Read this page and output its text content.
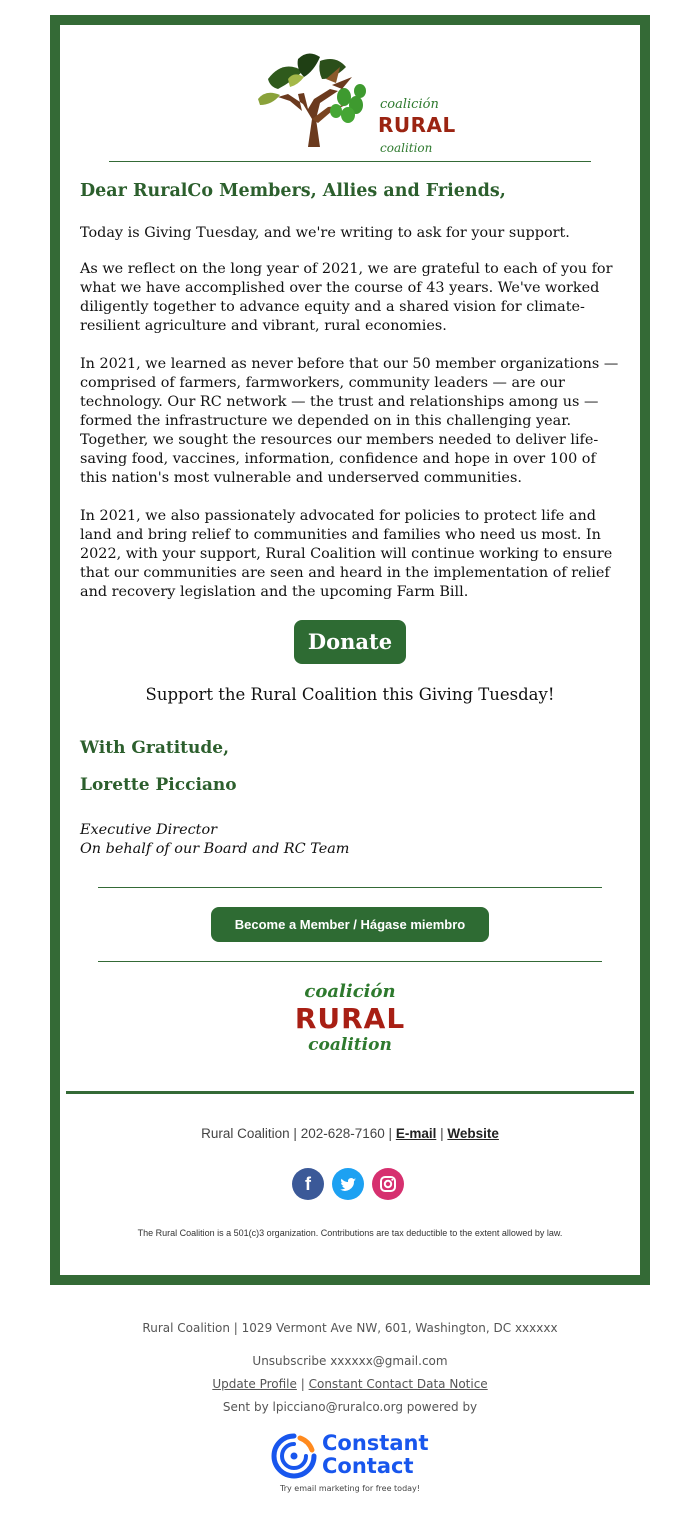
coalición
RURAL
coalition
Dear RuralCo Members, Allies and Friends,

Today is Giving Tuesday, and we're writing to ask for your support.

As we reflect on the long year of 2021, we are grateful to each of you for what we have accomplished over the course of 43 years. We've worked diligently together to advance equity and a shared vision for climate-resilient agriculture and vibrant, rural economies.

In 2021, we learned as never before that our 50 member organizations — comprised of farmers, farmworkers, community leaders — are our technology. Our RC network — the trust and relationships among us — formed the infrastructure we depended on in this challenging year. Together, we sought the resources our members needed to deliver life-saving food, vaccines, information, confidence and hope in over 100 of this nation's most vulnerable and underserved communities.

In 2021, we also passionately advocated for policies to protect life and land and bring relief to communities and families who need us most. In 2022, with your support, Rural Coalition will continue working to ensure that our communities are seen and heard in the implementation of relief and recovery legislation and the upcoming Farm Bill.

Donate
Support the Rural Coalition this Giving Tuesday!
With Gratitude,
Lorette Picciano
Executive Director
On behalf of our Board and RC Team
Become a Member / Hágase miembro
coalición
RURAL
coalition
Rural Coalition | 202-628-7160 | E-mail | Website
f
The Rural Coalition is a 501(c)3 organization. Contributions are tax deductible to the extent allowed by law.
Rural Coalition | 1029 Vermont Ave NW, 601, Washington, DC xxxxxx
Unsubscribe xxxxxx@gmail.com
Update Profile | Constant Contact Data Notice
Sent by lpicciano@ruralco.org powered by
Constant
Contact
Try email marketing for free today!
